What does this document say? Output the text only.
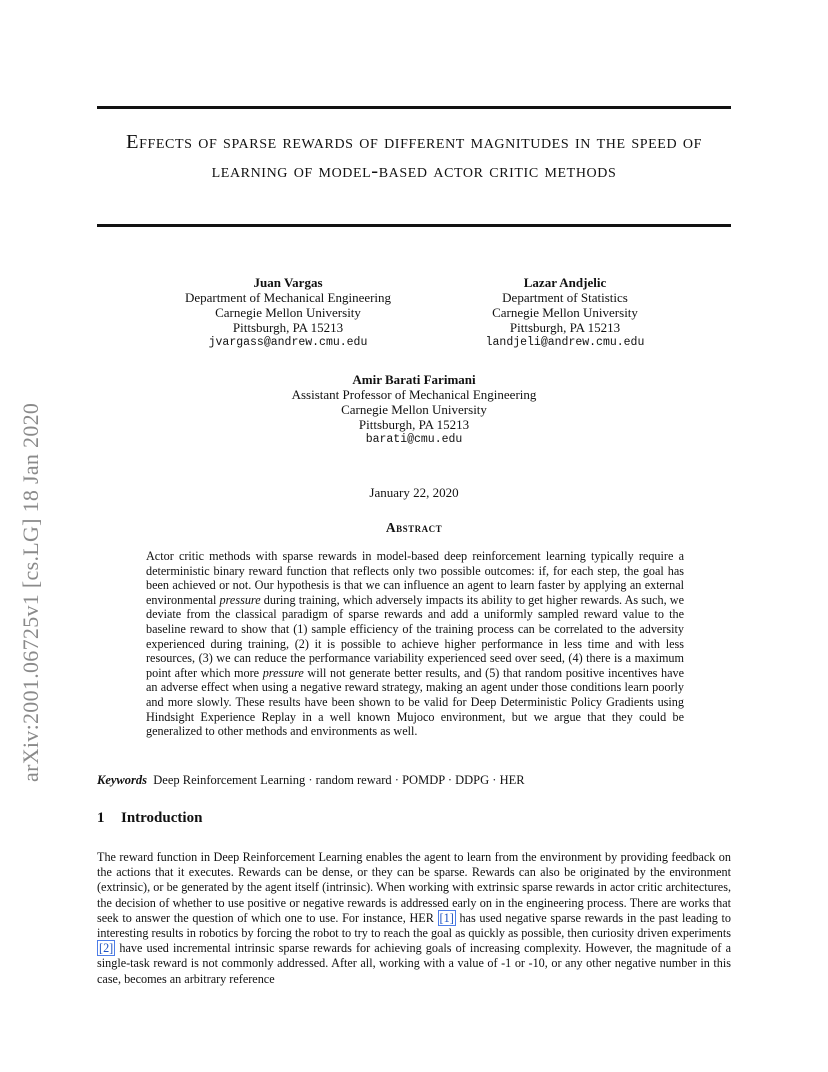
arXiv:2001.06725v1 [cs.LG] 18 Jan 2020
Effects of sparse rewards of different magnitudes in the speed of learning of model-based actor critic methods
Juan Vargas
Department of Mechanical Engineering
Carnegie Mellon University
Pittsburgh, PA 15213
jvargass@andrew.cmu.edu
Lazar Andjelic
Department of Statistics
Carnegie Mellon University
Pittsburgh, PA 15213
landjeli@andrew.cmu.edu
Amir Barati Farimani
Assistant Professor of Mechanical Engineering
Carnegie Mellon University
Pittsburgh, PA 15213
barati@cmu.edu
January 22, 2020
Abstract
Actor critic methods with sparse rewards in model-based deep reinforcement learning typically require a deterministic binary reward function that reflects only two possible outcomes: if, for each step, the goal has been achieved or not. Our hypothesis is that we can influence an agent to learn faster by applying an external environmental pressure during training, which adversely impacts its ability to get higher rewards. As such, we deviate from the classical paradigm of sparse rewards and add a uniformly sampled reward value to the baseline reward to show that (1) sample efficiency of the training process can be correlated to the adversity experienced during training, (2) it is possible to achieve higher performance in less time and with less resources, (3) we can reduce the performance variability experienced seed over seed, (4) there is a maximum point after which more pressure will not generate better results, and (5) that random positive incentives have an adverse effect when using a negative reward strategy, making an agent under those conditions learn poorly and more slowly. These results have been shown to be valid for Deep Deterministic Policy Gradients using Hindsight Experience Replay in a well known Mujoco environment, but we argue that they could be generalized to other methods and environments as well.
Keywords Deep Reinforcement Learning · random reward · POMDP · DDPG · HER
1 Introduction
The reward function in Deep Reinforcement Learning enables the agent to learn from the environment by providing feedback on the actions that it executes. Rewards can be dense, or they can be sparse. Rewards can also be originated by the environment (extrinsic), or be generated by the agent itself (intrinsic). When working with extrinsic sparse rewards in actor critic architectures, the decision of whether to use positive or negative rewards is addressed early on in the engineering process. There are works that seek to answer the question of which one to use. For instance, HER [1] has used negative sparse rewards in the past leading to interesting results in robotics by forcing the robot to try to reach the goal as quickly as possible, then curiosity driven experiments [2] have used incremental intrinsic sparse rewards for achieving goals of increasing complexity. However, the magnitude of a single-task reward is not commonly addressed. After all, working with a value of -1 or -10, or any other negative number in this case, becomes an arbitrary reference
